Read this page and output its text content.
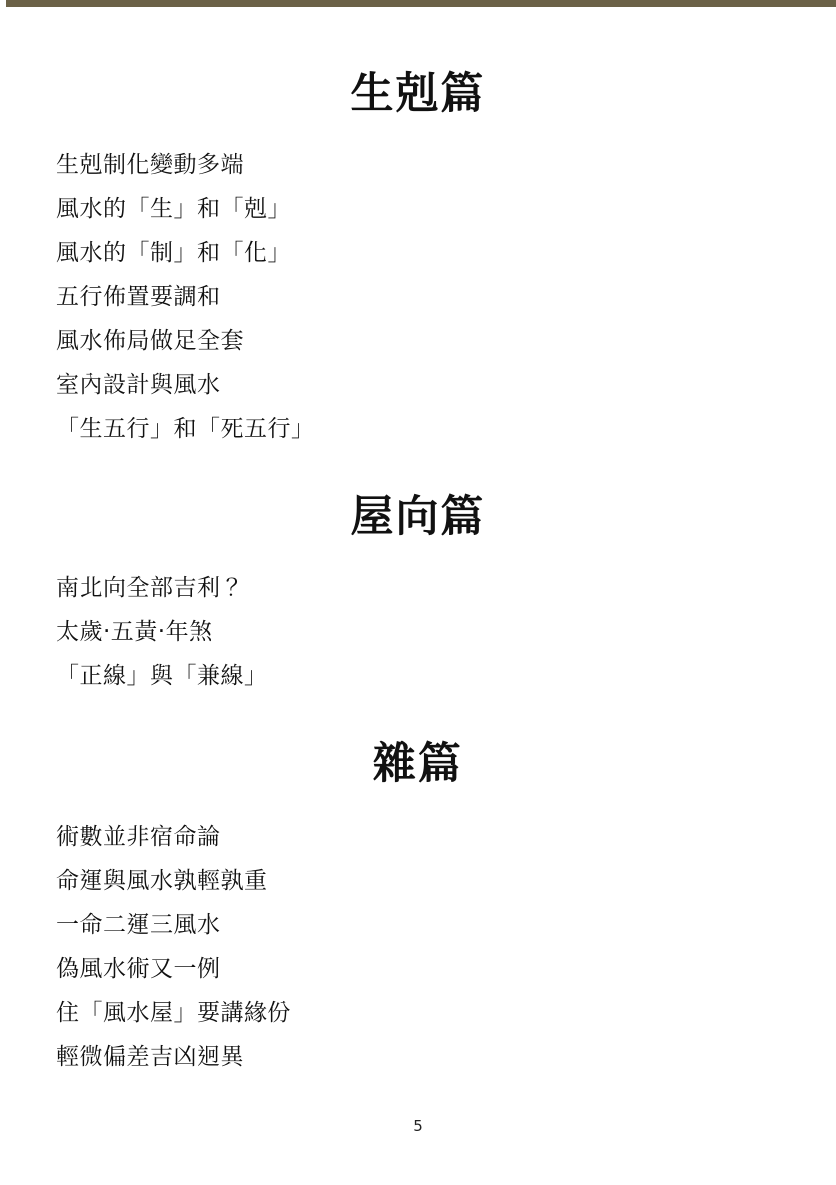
生剋篇
生剋制化變動多端
風水的「生」和「剋」
風水的「制」和「化」
五行佈置要調和
風水佈局做足全套
室內設計與風水
「生五行」和「死五行」
屋向篇
南北向全部吉利？
太歲‧五黃‧年煞
「正線」與「兼線」
雜篇
術數並非宿命論
命運與風水孰輕孰重
一命二運三風水
偽風水術又一例
住「風水屋」要講緣份
輕微偏差吉凶迥異
5
